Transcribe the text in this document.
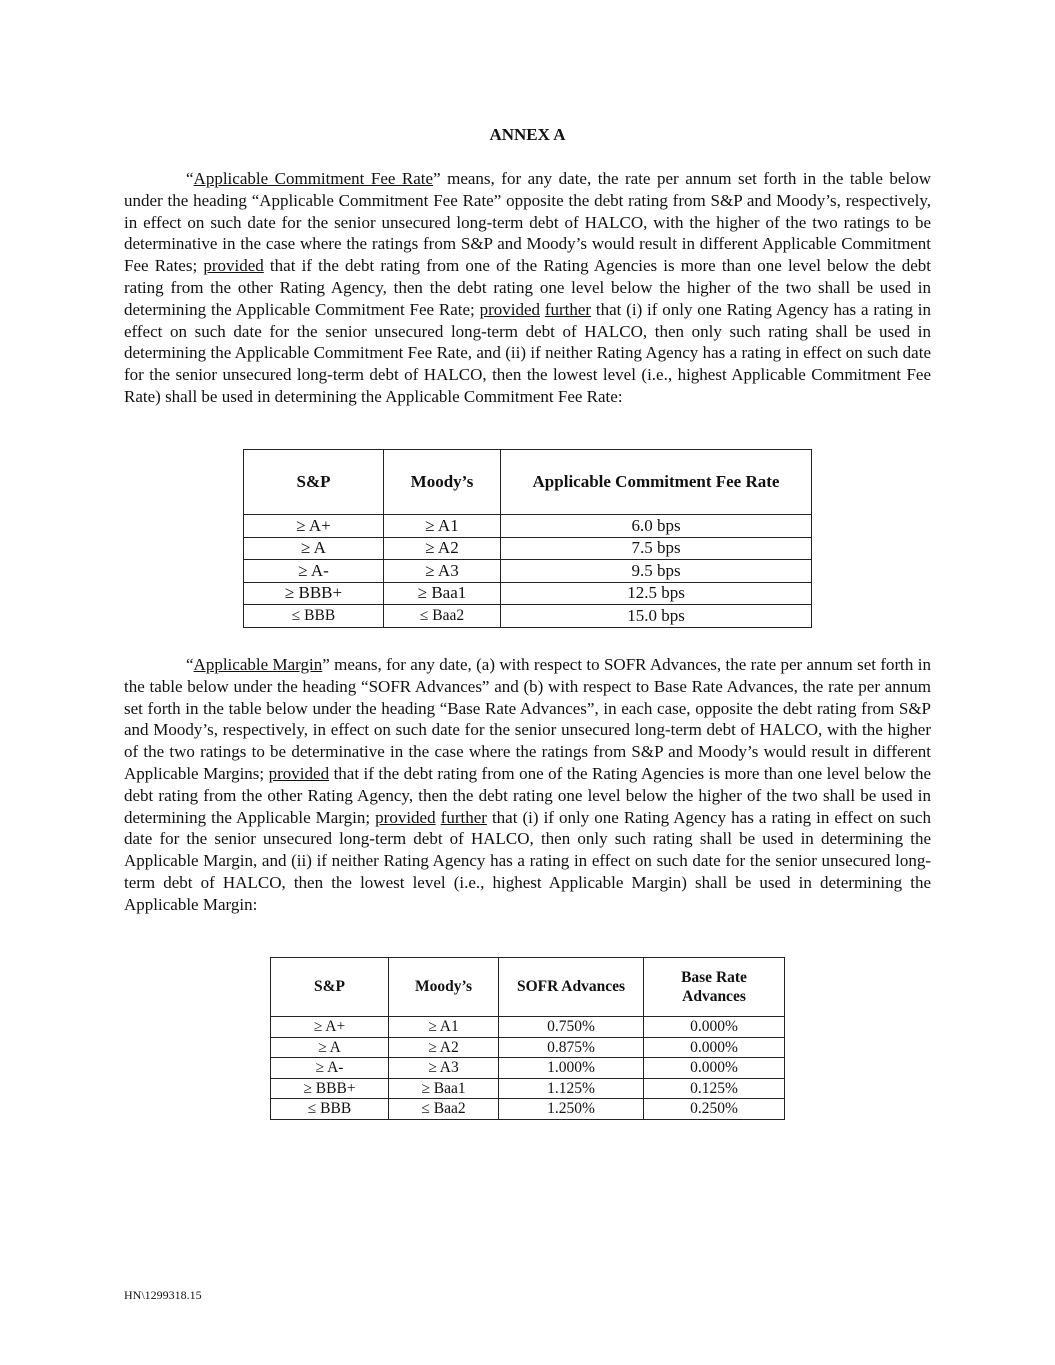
ANNEX A

“Applicable Commitment Fee Rate” means, for any date, the rate per annum set forth in the table below under the heading “Applicable Commitment Fee Rate” opposite the debt rating from S&P and Moody’s, respectively, in effect on such date for the senior unsecured long-term debt of HALCO, with the higher of the two ratings to be determinative in the case where the ratings from S&P and Moody’s would result in different Applicable Commitment Fee Rates; provided that if the debt rating from one of the Rating Agencies is more than one level below the debt rating from the other Rating Agency, then the debt rating one level below the higher of the two shall be used in determining the Applicable Commitment Fee Rate; provided further that (i) if only one Rating Agency has a rating in effect on such date for the senior unsecured long-term debt of HALCO, then only such rating shall be used in determining the Applicable Commitment Fee Rate, and (ii) if neither Rating Agency has a rating in effect on such date for the senior unsecured long-term debt of HALCO, then the lowest level (i.e., highest Applicable Commitment Fee Rate) shall be used in determining the Applicable Commitment Fee Rate:

S&P	Moody’s	Applicable Commitment Fee Rate
≥ A+	≥ A1	6.0 bps
≥ A	≥ A2	7.5 bps
≥ A-	≥ A3	9.5 bps
≥ BBB+	≥ Baa1	12.5 bps
≤ BBB	≤ Baa2	15.0 bps

“Applicable Margin” means, for any date, (a) with respect to SOFR Advances, the rate per annum set forth in the table below under the heading “SOFR Advances” and (b) with respect to Base Rate Advances, the rate per annum set forth in the table below under the heading “Base Rate Advances”, in each case, opposite the debt rating from S&P and Moody’s, respectively, in effect on such date for the senior unsecured long-term debt of HALCO, with the higher of the two ratings to be determinative in the case where the ratings from S&P and Moody’s would result in different Applicable Margins; provided that if the debt rating from one of the Rating Agencies is more than one level below the debt rating from the other Rating Agency, then the debt rating one level below the higher of the two shall be used in determining the Applicable Margin; provided further that (i) if only one Rating Agency has a rating in effect on such date for the senior unsecured long-term debt of HALCO, then only such rating shall be used in determining the Applicable Margin, and (ii) if neither Rating Agency has a rating in effect on such date for the senior unsecured long-term debt of HALCO, then the lowest level (i.e., highest Applicable Margin) shall be used in determining the Applicable Margin:

S&P	Moody’s	SOFR Advances	Base Rate Advances
≥ A+	≥ A1	0.750%	0.000%
≥ A	≥ A2	0.875%	0.000%
≥ A-	≥ A3	1.000%	0.000%
≥ BBB+	≥ Baa1	1.125%	0.125%
≤ BBB	≤ Baa2	1.250%	0.250%
HN\1299318.15
